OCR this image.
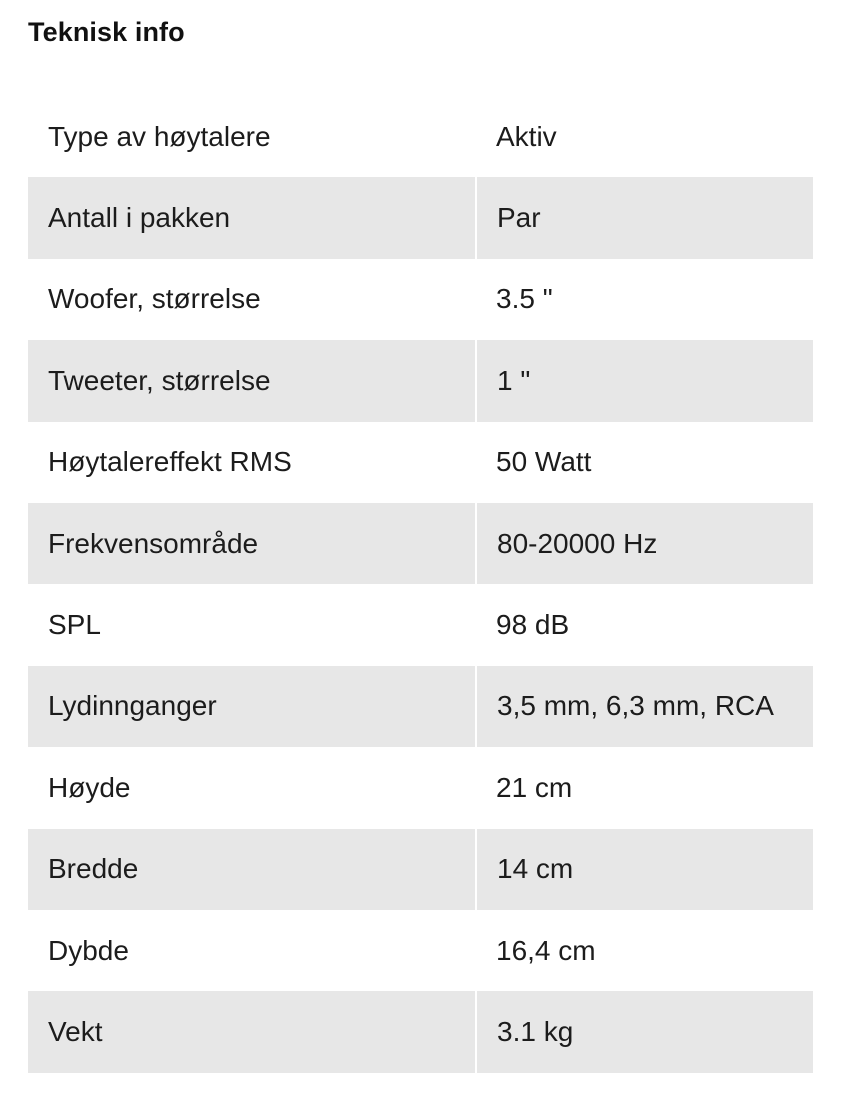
Teknisk info
Type av høytalere	Aktiv
Antall i pakken	Par
Woofer, størrelse	3.5 "
Tweeter, størrelse	1 "
Høytalereffekt RMS	50 Watt
Frekvensområde	80-20000 Hz
SPL	98 dB
Lydinnganger	3,5 mm, 6,3 mm, RCA
Høyde	21 cm
Bredde	14 cm
Dybde	16,4 cm
Vekt	3.1 kg
